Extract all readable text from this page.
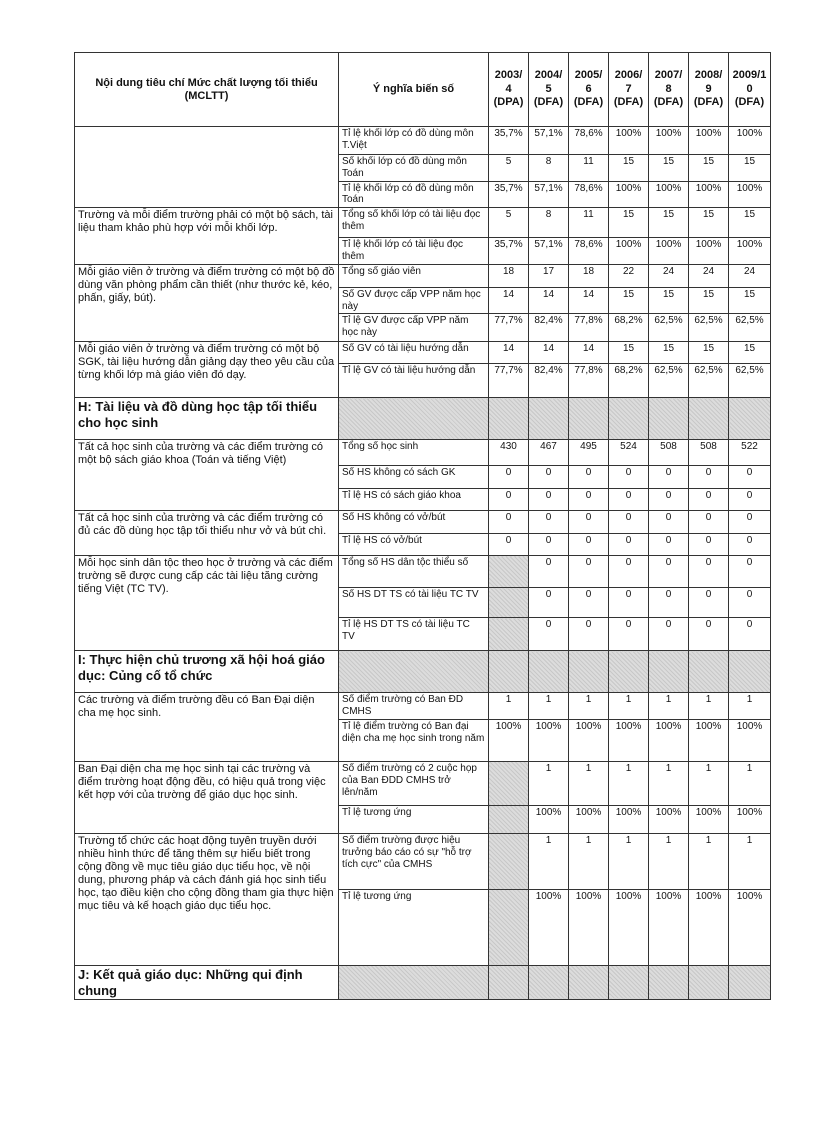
Nội dung tiêu chí Mức chất lượng tối thiểu (MCLTT)	Ý nghĩa biến số	2003/4 (DPA)	2004/5 (DFA)	2005/6 (DFA)	2006/7 (DFA)	2007/8 (DFA)	2008/9 (DFA)	2009/10 (DFA)
	Tỉ lệ khối lớp có đồ dùng môn T.Việt	35,7%	57,1%	78,6%	100%	100%	100%	100%
	Số khối lớp có đồ dùng môn Toán	5	8	11	15	15	15	15
	Tỉ lệ khối lớp có đồ dùng môn Toán	35,7%	57,1%	78,6%	100%	100%	100%	100%
Trường và mỗi điểm trường phải có một bộ sách, tài liệu tham khảo phù hợp với mỗi khối lớp.	Tổng số khối lớp có tài liệu đọc thêm	5	8	11	15	15	15	15
	Tỉ lệ khối lớp có tài liệu đọc thêm	35,7%	57,1%	78,6%	100%	100%	100%	100%
Mỗi giáo viên ở trường và điểm trường có một bộ đồ dùng văn phòng phẩm cần thiết (như thước kẻ, kéo, phấn, giấy, bút).	Tổng số giáo viên	18	17	18	22	24	24	24
	Số GV được cấp VPP năm học này	14	14	14	15	15	15	15
	Tỉ lệ GV được cấp VPP năm học này	77,7%	82,4%	77,8%	68,2%	62,5%	62,5%	62,5%
Mỗi giáo viên ở trường và điểm trường có một bộ SGK, tài liệu hướng dẫn giảng dạy theo yêu cầu của từng khối lớp mà giáo viên đó dạy.	Số GV có tài liệu hướng dẫn	14	14	14	15	15	15	15
	Tỉ lệ GV có tài liệu hướng dẫn	77,7%	82,4%	77,8%	68,2%	62,5%	62,5%	62,5%
H: Tài liệu và đồ dùng học tập tối thiểu cho học sinh								
Tất cả học sinh của trường và các điểm trường có một bộ sách giáo khoa (Toán và tiếng Việt)	Tổng số học sinh	430	467	495	524	508	508	522
	Số HS không có sách GK	0	0	0	0	0	0	0
	Tỉ lệ HS có sách giáo khoa	0	0	0	0	0	0	0
Tất cả học sinh của trường và các điểm trường có đủ các đồ dùng học tập tối thiểu như vở và bút chì.	Số HS không có vở/bút	0	0	0	0	0	0	0
	Tỉ lệ HS có vở/bút	0	0	0	0	0	0	0
Mỗi học sinh dân tộc theo học ở trường và các điểm trường sẽ được cung cấp các tài liệu tăng cường tiếng Việt (TC TV).	Tổng số HS dân tộc thiểu số		0	0	0	0	0	0
	Số HS DT TS có tài liệu TC TV		0	0	0	0	0	0
	Tỉ lệ HS DT TS có tài liệu TC TV		0	0	0	0	0	0
I: Thực hiện chủ trương xã hội hoá giáo dục: Củng cố tổ chức								
Các trường và điểm trường đều có Ban Đại diện cha mẹ học sinh.	Số điểm trường có Ban ĐD CMHS	1	1	1	1	1	1	1
	Tỉ lệ điểm trường có Ban đại diện cha mẹ học sinh trong năm	100%	100%	100%	100%	100%	100%	100%
Ban Đại diện cha mẹ học sinh tại các trường và điểm trường hoạt động đều, có hiệu quả trong việc kết hợp với của trường để giáo dục học sinh.	Số điểm trường có 2 cuộc họp của Ban ĐDD CMHS trở lên/năm		1	1	1	1	1	1
	Tỉ lệ tương ứng		100%	100%	100%	100%	100%	100%
Trường tổ chức các hoạt động tuyên truyền dưới nhiều hình thức để tăng thêm sự hiểu biết trong cộng đồng về mục tiêu giáo dục tiểu học, về nội dung, phương pháp và cách đánh giá học sinh tiểu học, tạo điều kiện cho cộng đồng tham gia thực hiện mục tiêu và kế hoạch giáo dục tiểu học.	Số điểm trường được hiệu trưởng báo cáo có sự "hỗ trợ tích cực" của CMHS		1	1	1	1	1	1
	Tỉ lệ tương ứng		100%	100%	100%	100%	100%	100%
J: Kết quả giáo dục: Những qui định chung								
